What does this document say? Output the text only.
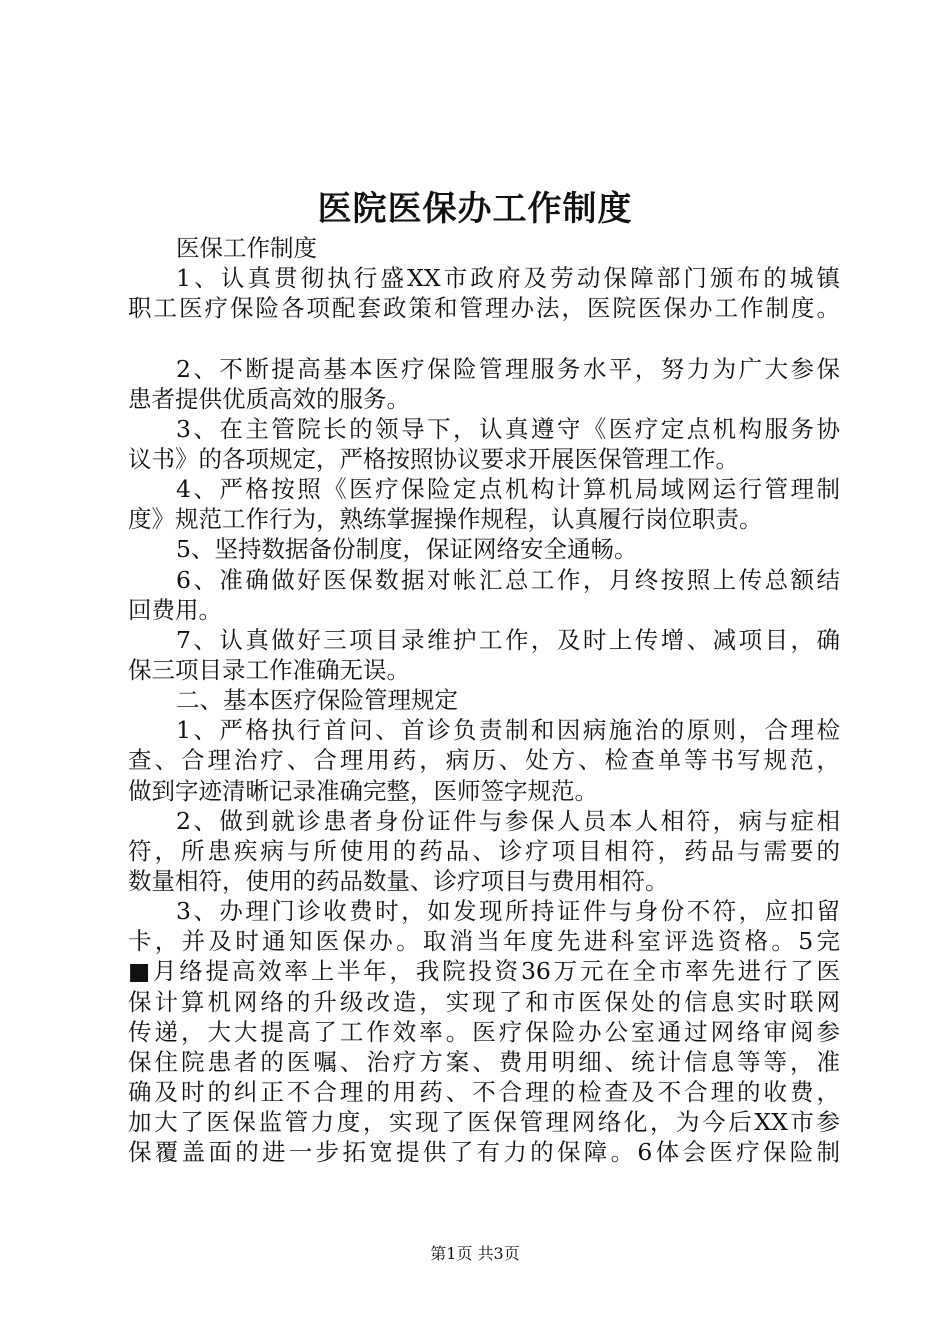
医院医保办工作制度
医保工作制度
1、认真贯彻执行盛XX市政府及劳动保障部门颁布的城镇
职工医疗保险各项配套政策和管理办法，医院医保办工作制度。
2、不断提高基本医疗保险管理服务水平，努力为广大参保
患者提供优质高效的服务。
3、在主管院长的领导下，认真遵守《医疗定点机构服务协
议书》的各项规定，严格按照协议要求开展医保管理工作。
4、严格按照《医疗保险定点机构计算机局域网运行管理制
度》规范工作行为，熟练掌握操作规程，认真履行岗位职责。
5、坚持数据备份制度，保证网络安全通畅。
6、准确做好医保数据对帐汇总工作，月终按照上传总额结
回费用。
7、认真做好三项目录维护工作，及时上传增、减项目，确
保三项目录工作准确无误。
二、基本医疗保险管理规定
1、严格执行首问、首诊负责制和因病施治的原则，合理检
查、合理治疗、合理用药，病历、处方、检查单等书写规范，
做到字迹清晰记录准确完整，医师签字规范。
2、做到就诊患者身份证件与参保人员本人相符，病与症相
符，所患疾病与所使用的药品、诊疗项目相符，药品与需要的
数量相符，使用的药品数量、诊疗项目与费用相符。
3、办理门诊收费时，如发现所持证件与身份不符，应扣留
卡，并及时通知医保办。取消当年度先进科室评选资格。5完
■月络提高效率上半年，我院投资36万元在全市率先进行了医
保计算机网络的升级改造，实现了和市医保处的信息实时联网
传递，大大提高了工作效率。医疗保险办公室通过网络审阅参
保住院患者的医嘱、治疗方案、费用明细、统计信息等等，准
确及时的纠正不合理的用药、不合理的检查及不合理的收费，
加大了医保监管力度，实现了医保管理网络化，为今后XX市参
保覆盖面的进一步拓宽提供了有力的保障。6体会医疗保险制
第1页 共3页
